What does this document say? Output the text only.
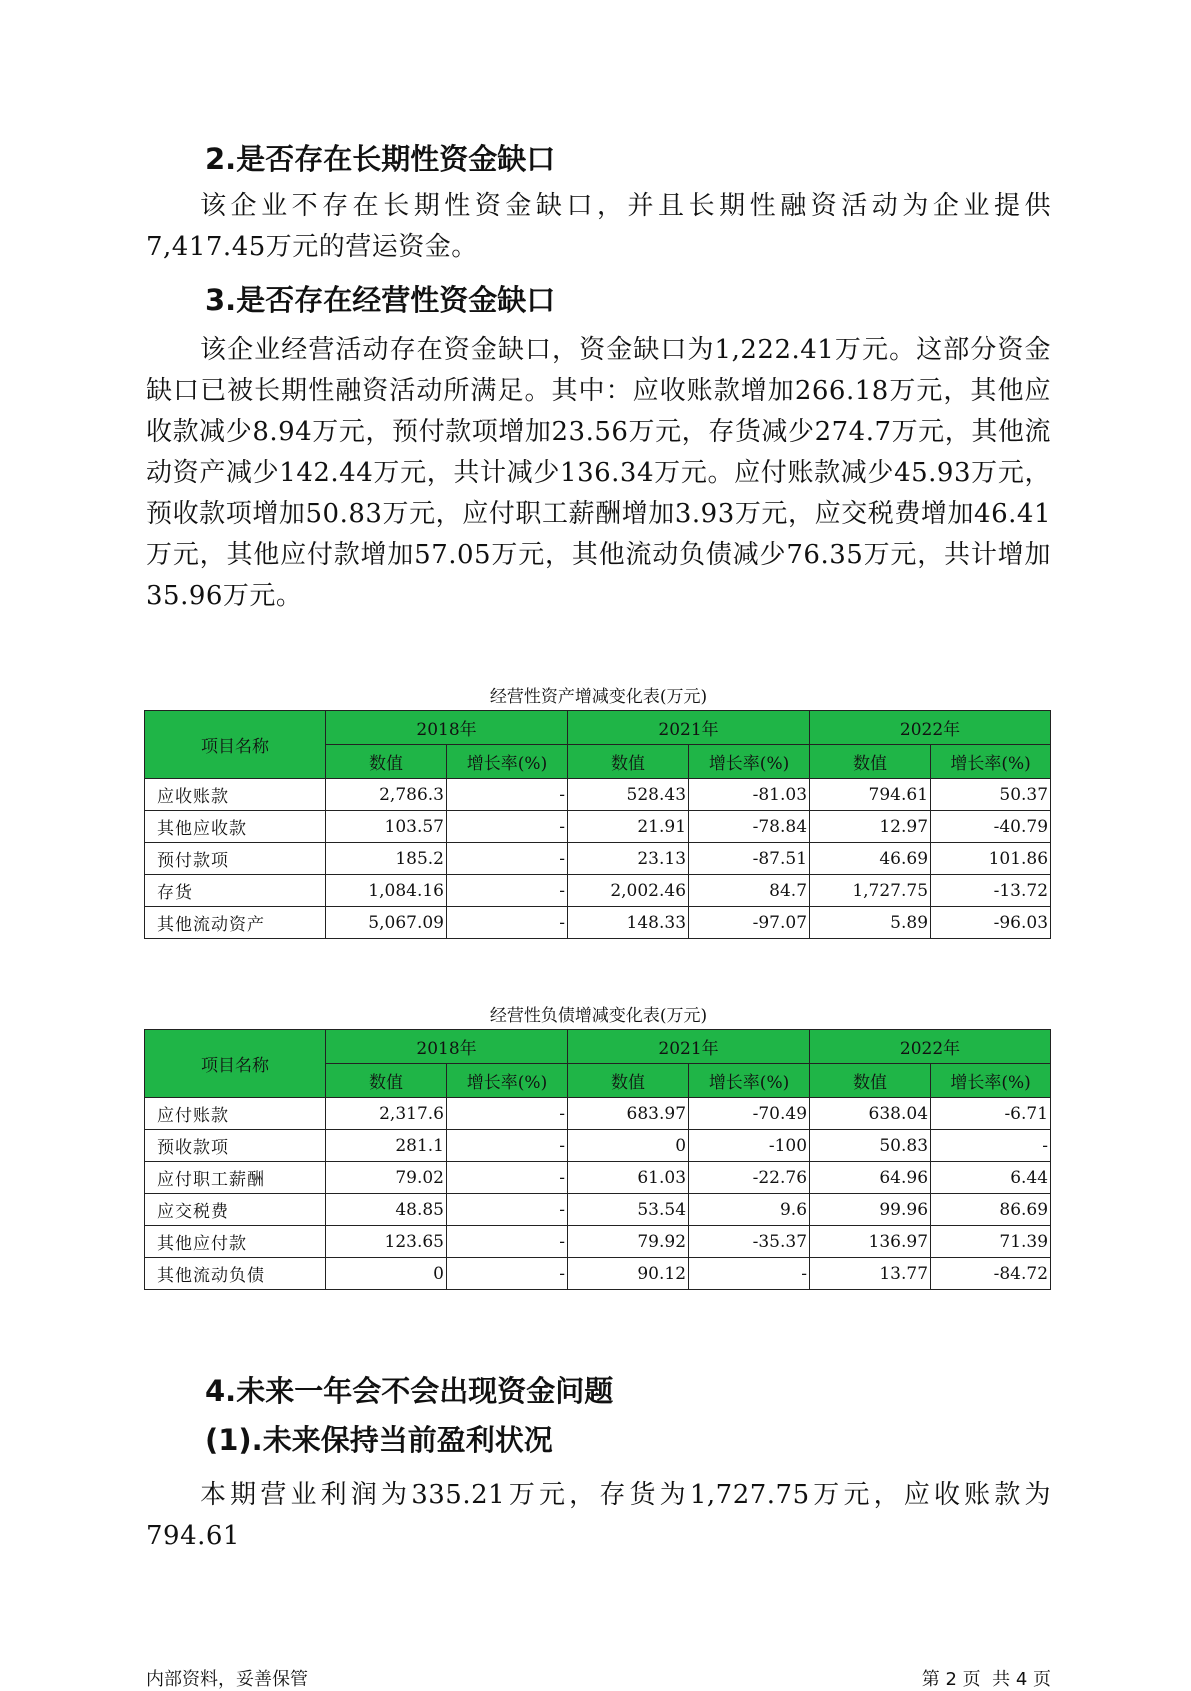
2.是否存在长期性资金缺口

该企业不存在长期性资金缺口，并且长期性融资活动为企业提供7,417.45万元的营运资金。

3.是否存在经营性资金缺口

该企业经营活动存在资金缺口，资金缺口为1,222.41万元。这部分资金缺口已被长期性融资活动所满足。其中：应收账款增加266.18万元，其他应收款减少8.94万元，预付款项增加23.56万元，存货减少274.7万元，其他流动资产减少142.44万元，共计减少136.34万元。应付账款减少45.93万元，预收款项增加50.83万元，应付职工薪酬增加3.93万元，应交税费增加46.41万元，其他应付款增加57.05万元，其他流动负债减少76.35万元，共计增加35.96万元。

经营性资产增减变化表(万元)
项目名称	2018年		2021年		2022年	
	数值	增长率(%)	数值	增长率(%)	数值	增长率(%)
应收账款	2,786.3	-	528.43	-81.03	794.61	50.37
其他应收款	103.57	-	21.91	-78.84	12.97	-40.79
预付款项	185.2	-	23.13	-87.51	46.69	101.86
存货	1,084.16	-	2,002.46	84.7	1,727.75	-13.72
其他流动资产	5,067.09	-	148.33	-97.07	5.89	-96.03
经营性负债增减变化表(万元)
项目名称	2018年		2021年		2022年	
	数值	增长率(%)	数值	增长率(%)	数值	增长率(%)
应付账款	2,317.6	-	683.97	-70.49	638.04	-6.71
预收款项	281.1	-	0	-100	50.83	-
应付职工薪酬	79.02	-	61.03	-22.76	64.96	6.44
应交税费	48.85	-	53.54	9.6	99.96	86.69
其他应付款	123.65	-	79.92	-35.37	136.97	71.39
其他流动负债	0	-	90.12	-	13.77	-84.72
4.未来一年会不会出现资金问题
(1).未来保持当前盈利状况

本期营业利润为335.21万元，存货为1,727.75万元，应收账款为794.61

内部资料，妥善保管	第 2 页  共 4 页
